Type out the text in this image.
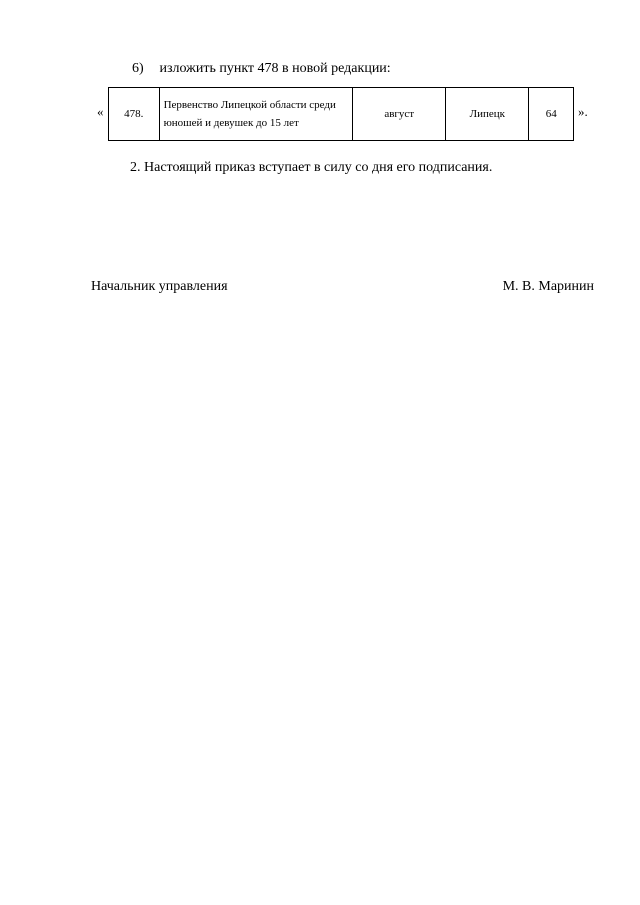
6) изложить пункт 478 в новой редакции:
« 478.	Первенство Липецкой области среди юношей и девушек до 15 лет	август	Липецк	64 ».
2. Настоящий приказ вступает в силу со дня его подписания.
Начальник управления	М. В. Маринин
